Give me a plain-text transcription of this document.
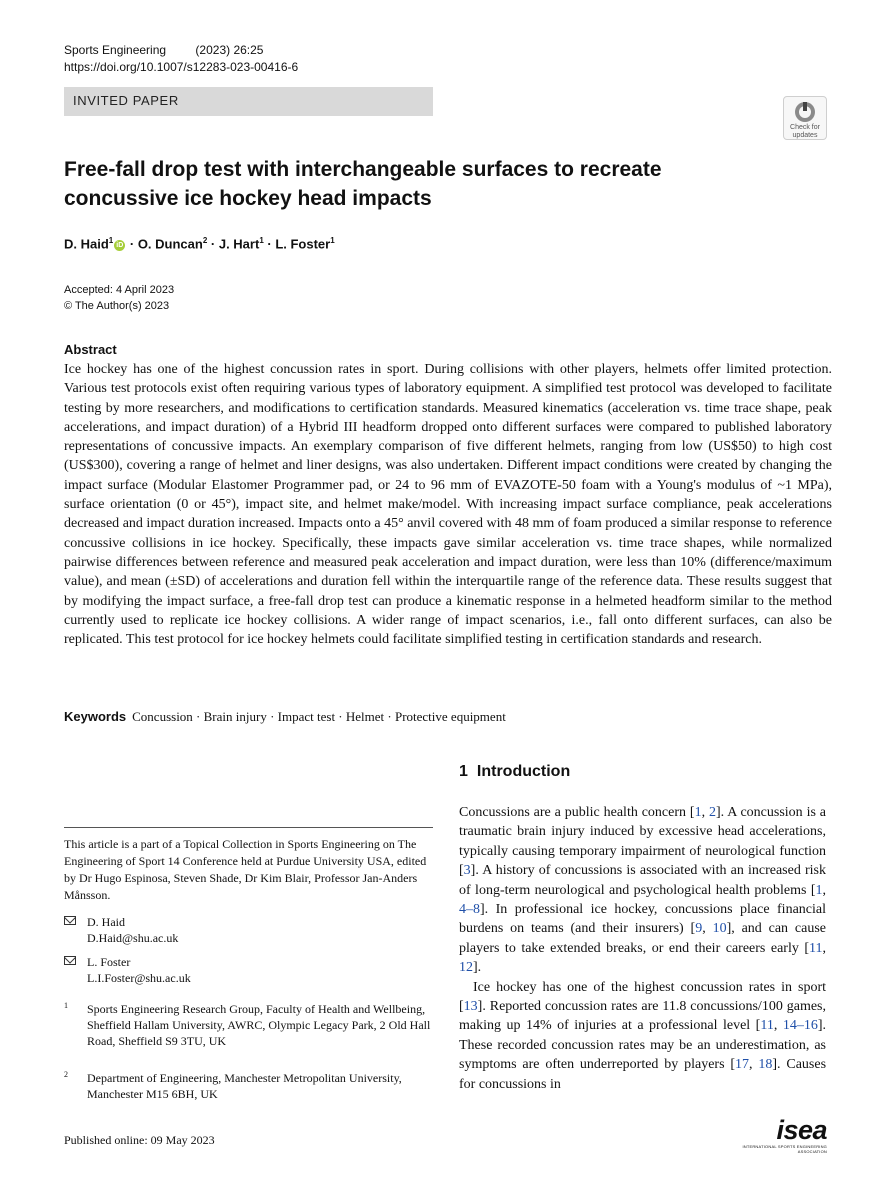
Sports Engineering (2023) 26:25
https://doi.org/10.1007/s12283-023-00416-6
INVITED PAPER
Check for
updates
Free-fall drop test with interchangeable surfaces to recreate
concussive ice hockey head impacts
D. Haid$^1$iD · O. Duncan$^2$ · J. Hart$^1$ · L. Foster$^1$
Accepted: 4 April 2023
© The Author(s) 2023
Abstract
Ice hockey has one of the highest concussion rates in sport. During collisions with other players, helmets offer limited protection. Various test protocols exist often requiring various types of laboratory equipment. A simplified test protocol was developed to facilitate testing by more researchers, and modifications to certification standards. Measured kinematics (acceleration vs. time trace shape, peak accelerations, and impact duration) of a Hybrid III headform dropped onto different surfaces were compared to published laboratory representations of concussive impacts. An exemplary comparison of five different helmets, ranging from low (US$50) to high cost (US$300), covering a range of helmet and liner designs, was also undertaken. Different impact conditions were created by changing the impact surface (Modular Elastomer Programmer pad, or 24 to 96 mm of EVAZOTE-50 foam with a Young's modulus of ~1 MPa), surface orientation (0 or 45°), impact site, and helmet make/model. With increasing impact surface compliance, peak accelerations decreased and impact duration increased. Impacts onto a 45° anvil covered with 48 mm of foam produced a similar response to reference concussive collisions in ice hockey. Specifically, these impacts gave similar acceleration vs. time trace shapes, while normalized pairwise differences between reference and measured peak acceleration and impact duration, were less than 10% (difference/maximum value), and mean (±SD) of accelerations and duration fell within the interquartile range of the reference data. These results suggest that by modifying the impact surface, a free-fall drop test can produce a kinematic response in a helmeted headform similar to the method currently used to replicate ice hockey collisions. A wider range of impact scenarios, i.e., fall onto different surfaces, can also be replicated. This test protocol for ice hockey helmets could facilitate simplified testing in certification standards and research.
Keywords Concussion · Brain injury · Impact test · Helmet · Protective equipment
1 Introduction

Concussions are a public health concern [1, 2]. A concussion is a traumatic brain injury induced by excessive head accelerations, typically causing temporary impairment of neurological function [3]. A history of concussions is associated with an increased risk of long-term neurological and psychological health problems [1, 4–8]. In professional ice hockey, concussions place financial burdens on teams (and their insurers) [9, 10], and can cause players to take extended breaks, or end their careers early [11, 12].

Ice hockey has one of the highest concussion rates in sport [13]. Reported concussion rates are 11.8 concussions/100 games, making up 14% of injuries at a professional level [11, 14–16]. These recorded concussion rates may be an underestimation, as symptoms are often underreported by players [17, 18]. Causes for concussions in

This article is a part of a Topical Collection in Sports Engineering on The Engineering of Sport 14 Conference held at Purdue University USA, edited by Dr Hugo Espinosa, Steven Shade, Dr Kim Blair, Professor Jan-Anders Månsson.
D. Haid
D.Haid@shu.ac.uk
L. Foster
L.I.Foster@shu.ac.uk
1 Sports Engineering Research Group, Faculty of Health and Wellbeing, Sheffield Hallam University, AWRC, Olympic Legacy Park, 2 Old Hall Road, Sheffield S9 3TU, UK
2 Department of Engineering, Manchester Metropolitan University, Manchester M15 6BH, UK
Published online: 09 May 2023	isea
INTERNATIONAL SPORTS ENGINEERING ASSOCIATION
